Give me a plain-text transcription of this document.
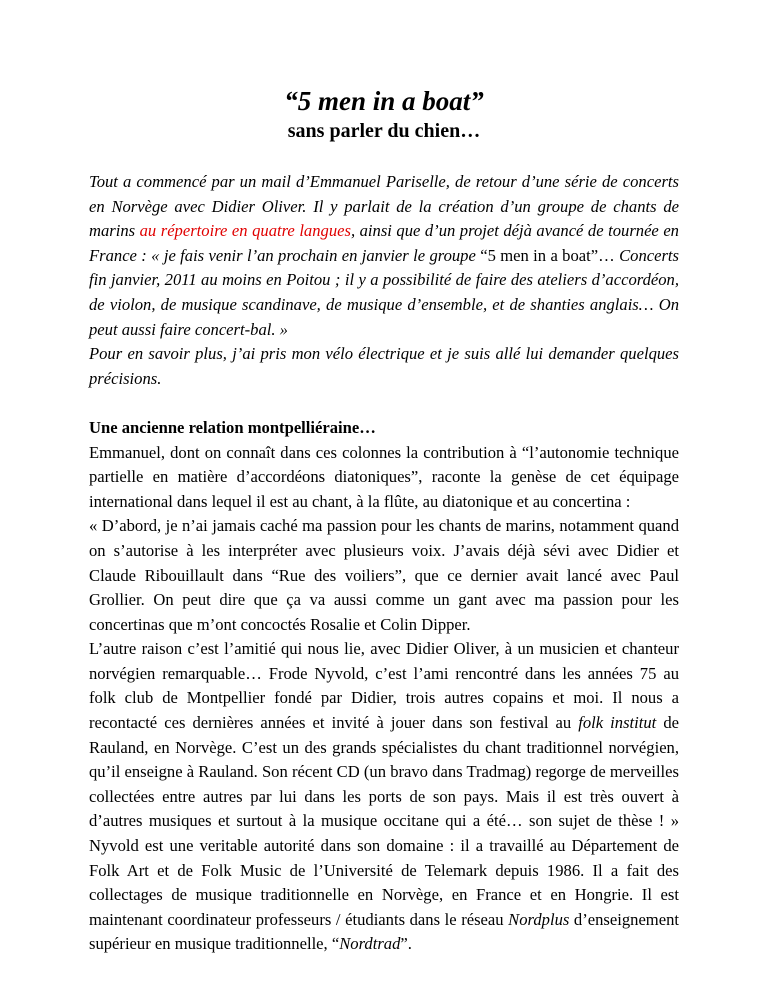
“5 men in a boat”
sans parler du chien…

Tout a commencé par un mail d’Emmanuel Pariselle, de retour d’une série de concerts en Norvège avec Didier Oliver. Il y parlait de la création d’un groupe de chants de marins au répertoire en quatre langues, ainsi que d’un projet déjà avancé de tournée en France : « je fais venir l’an prochain en janvier le groupe “5 men in a boat”… Concerts fin janvier, 2011 au moins en Poitou ; il y a possibilité de faire des ateliers d’accordéon, de violon, de musique scandinave, de musique d’ensemble, et de shanties anglais… On peut aussi faire concert-bal. »

Pour en savoir plus, j’ai pris mon vélo électrique et je suis allé lui demander quelques précisions.

Une ancienne relation montpelliéraine…

Emmanuel, dont on connaît dans ces colonnes la contribution à “l’autonomie technique partielle en matière d’accordéons diatoniques”, raconte la genèse de cet équipage international dans lequel il est au chant, à la flûte, au diatonique et au concertina :

« D’abord, je n’ai jamais caché ma passion pour les chants de marins, notamment quand on s’autorise à les interpréter avec plusieurs voix. J’avais déjà sévi avec Didier et Claude Ribouillault dans “Rue des voiliers”, que ce dernier avait lancé avec Paul Grollier. On peut dire que ça va aussi comme un gant avec ma passion pour les concertinas que m’ont concoctés Rosalie et Colin Dipper.

L’autre raison c’est l’amitié qui nous lie, avec Didier Oliver, à un musicien et chanteur norvégien remarquable… Frode Nyvold, c’est l’ami rencontré dans les années 75 au folk club de Montpellier fondé par Didier, trois autres copains et moi. Il nous a recontacté ces dernières années et invité à jouer dans son festival au folk institut de Rauland, en Norvège. C’est un des grands spécialistes du chant traditionnel norvégien, qu’il enseigne à Rauland. Son récent CD (un bravo dans Tradmag) regorge de merveilles collectées entre autres par lui dans les ports de son pays. Mais il est très ouvert à d’autres musiques et surtout à la musique occitane qui a été… son sujet de thèse ! » Nyvold est une veritable autorité dans son domaine : il a travaillé au Département de Folk Art et de Folk Music de l’Université de Telemark depuis 1986. Il a fait des collectages de musique traditionnelle en Norvège, en France et en Hongrie. Il est maintenant coordinateur professeurs / étudiants dans le réseau Nordplus d’enseignement supérieur en musique traditionnelle, “Nordtrad”.
